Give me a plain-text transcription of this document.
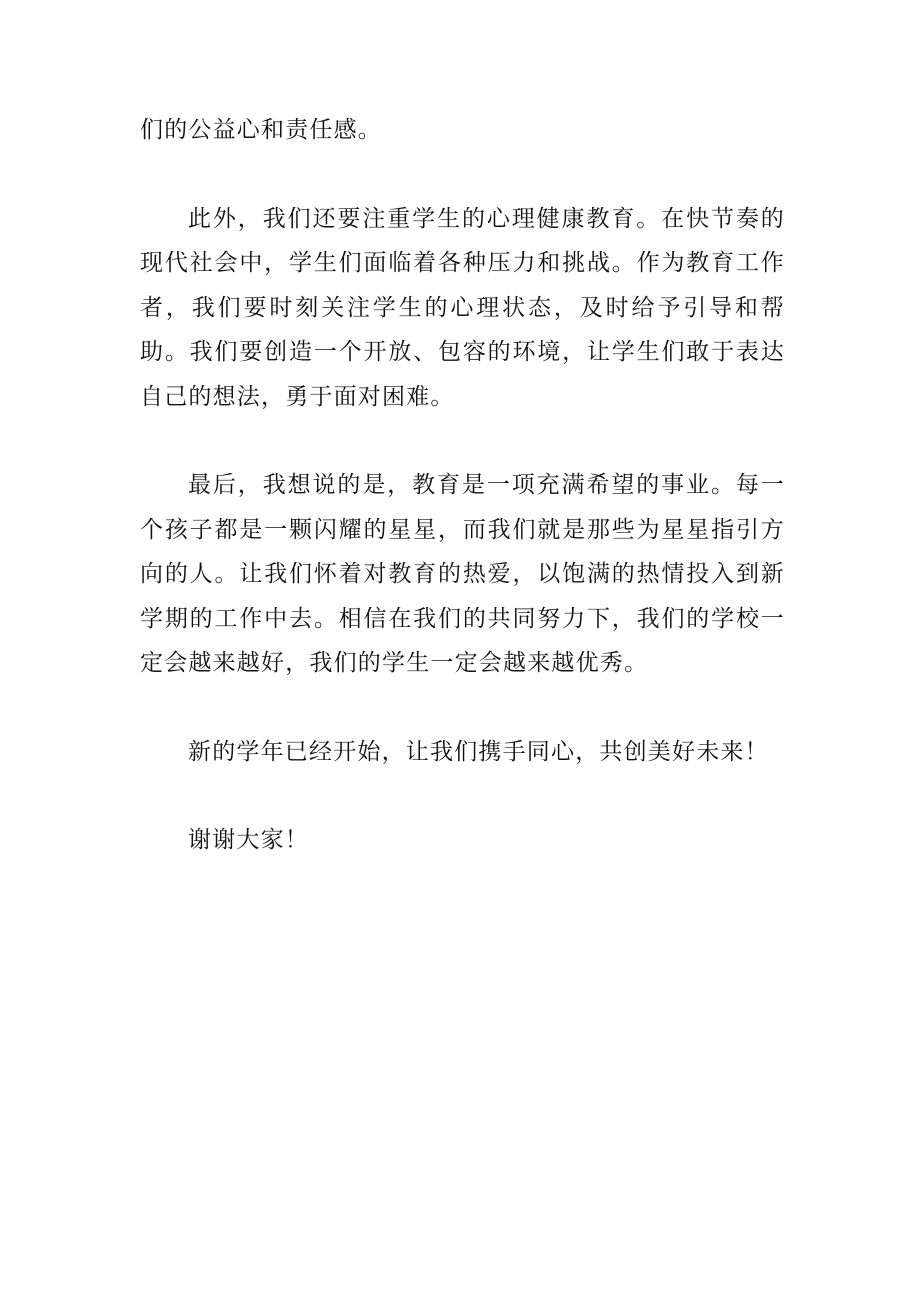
们的公益心和责任感。

此外，我们还要注重学生的心理健康教育。在快节奏的现代社会中，学生们面临着各种压力和挑战。作为教育工作者，我们要时刻关注学生的心理状态，及时给予引导和帮助。我们要创造一个开放、包容的环境，让学生们敢于表达自己的想法，勇于面对困难。

最后，我想说的是，教育是一项充满希望的事业。每一个孩子都是一颗闪耀的星星，而我们就是那些为星星指引方向的人。让我们怀着对教育的热爱，以饱满的热情投入到新学期的工作中去。相信在我们的共同努力下，我们的学校一定会越来越好，我们的学生一定会越来越优秀。

新的学年已经开始，让我们携手同心，共创美好未来！

谢谢大家！
